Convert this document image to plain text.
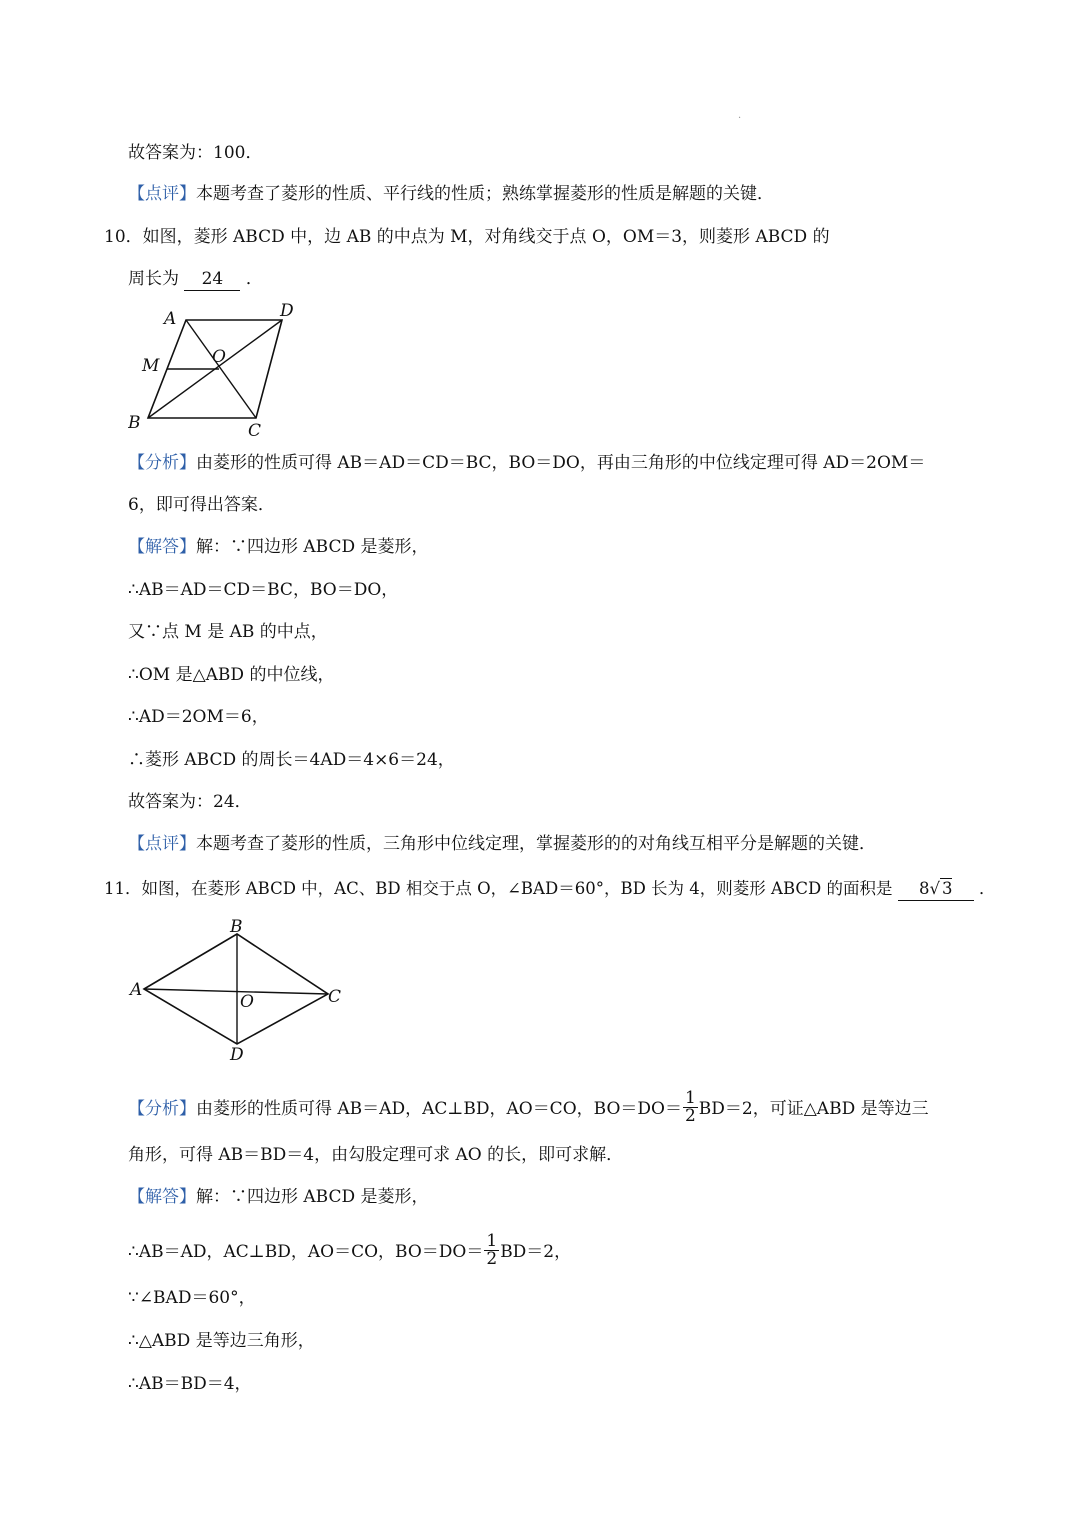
·
故答案为：100．
【点评】本题考查了菱形的性质、平行线的性质；熟练掌握菱形的性质是解题的关键．
10．如图，菱形 ABCD 中，边 AB 的中点为 M，对角线交于点 O，OM＝3，则菱形 ABCD 的
周长为 24 ．
A	D
M	O
B	C
【分析】由菱形的性质可得 AB＝AD＝CD＝BC，BO＝DO，再由三角形的中位线定理可得 AD＝2OM＝
6，即可得出答案．
【解答】解：∵四边形 ABCD 是菱形，
∴AB＝AD＝CD＝BC，BO＝DO，
又∵点 M 是 AB 的中点，
∴OM 是△ABD 的中位线，
∴AD＝2OM＝6，
∴菱形 ABCD 的周长＝4AD＝4×6＝24，
故答案为：24．
【点评】本题考查了菱形的性质，三角形中位线定理，掌握菱形的的对角线互相平分是解题的关键．
11．如图，在菱形 ABCD 中，AC、BD 相交于点 O，∠BAD＝60°，BD 长为 4，则菱形 ABCD 的面积是 8√ 3 ．
B
A
O	C
D
【分析】由菱形的性质可得 AB＝AD，AC⊥BD，AO＝CO，$BO=DO= \frac{1}{2} BD=2$，可证△ABD 是等边三
角形，可得 AB＝BD＝4，由勾股定理可求 AO 的长，即可求解．
【解答】解：∵四边形 ABCD 是菱形，
∴AB＝AD，AC⊥BD，AO＝CO，$BO=DO= \frac{1}{2} BD=2$，
∵∠BAD＝60°，
∴△ABD 是等边三角形，
∴AB＝BD＝4，
